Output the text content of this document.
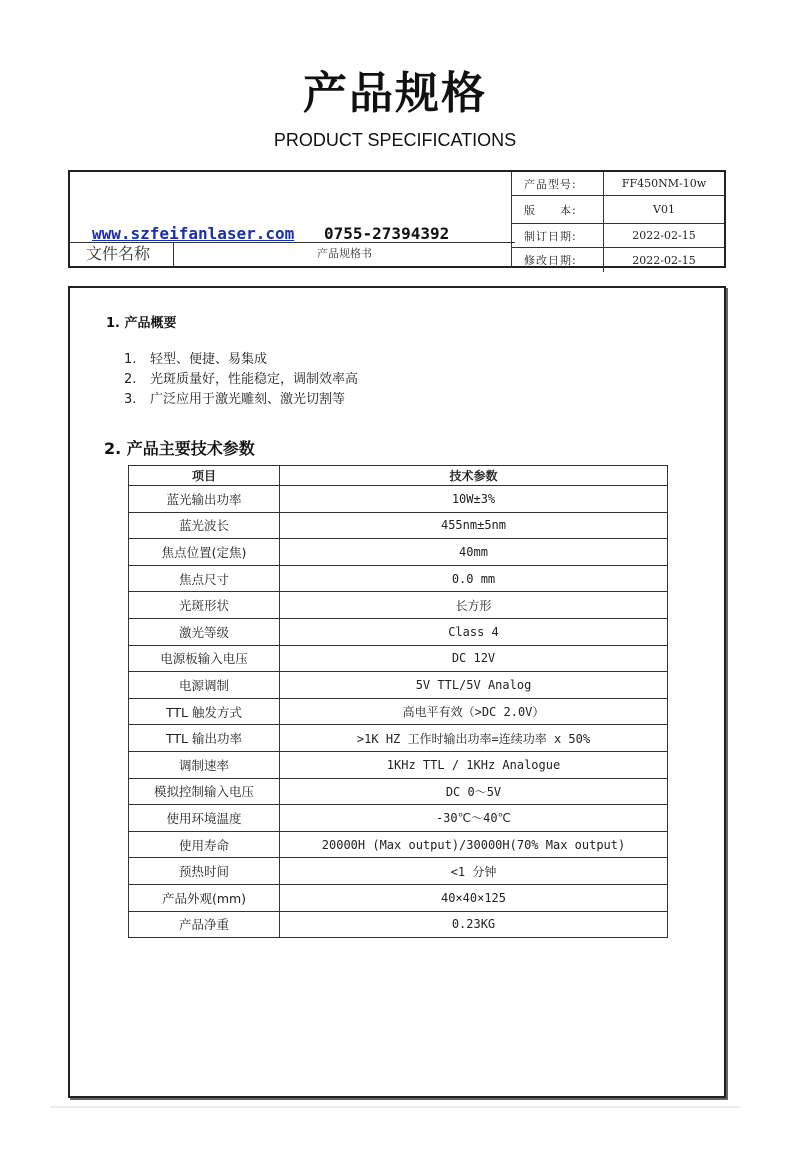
产品规格
PRODUCT SPECIFICATIONS
www.szfeifanlaser.com 0755-27394392
文件名称	产品规格书
产品型号:	FF450NM-10w
版　　本:	V01
制订日期:	2022-02-15
修改日期:	2022-02-15
1. 产品概要
1.	轻型、便捷、易集成
2.	光斑质量好，性能稳定，调制效率高
3.	广泛应用于激光雕刻、激光切割等
2. 产品主要技术参数
项目	技术参数
蓝光输出功率	10W±3%
蓝光波长	455nm±5nm
焦点位置(定焦)	40mm
焦点尺寸	0.0 mm
光斑形状	长方形
激光等级	Class 4
电源板输入电压	DC 12V
电源调制	5V TTL/5V Analog
TTL 触发方式	高电平有效（>DC 2.0V）
TTL 输出功率	>1K HZ 工作时输出功率=连续功率 x 50%
调制速率	1KHz TTL / 1KHz Analogue
模拟控制输入电压	DC 0～5V
使用环境温度	-30℃～40℃
使用寿命	20000H (Max output)/30000H(70% Max output)
预热时间	<1 分钟
产品外观(mm)	40×40×125
产品净重	0.23KG
